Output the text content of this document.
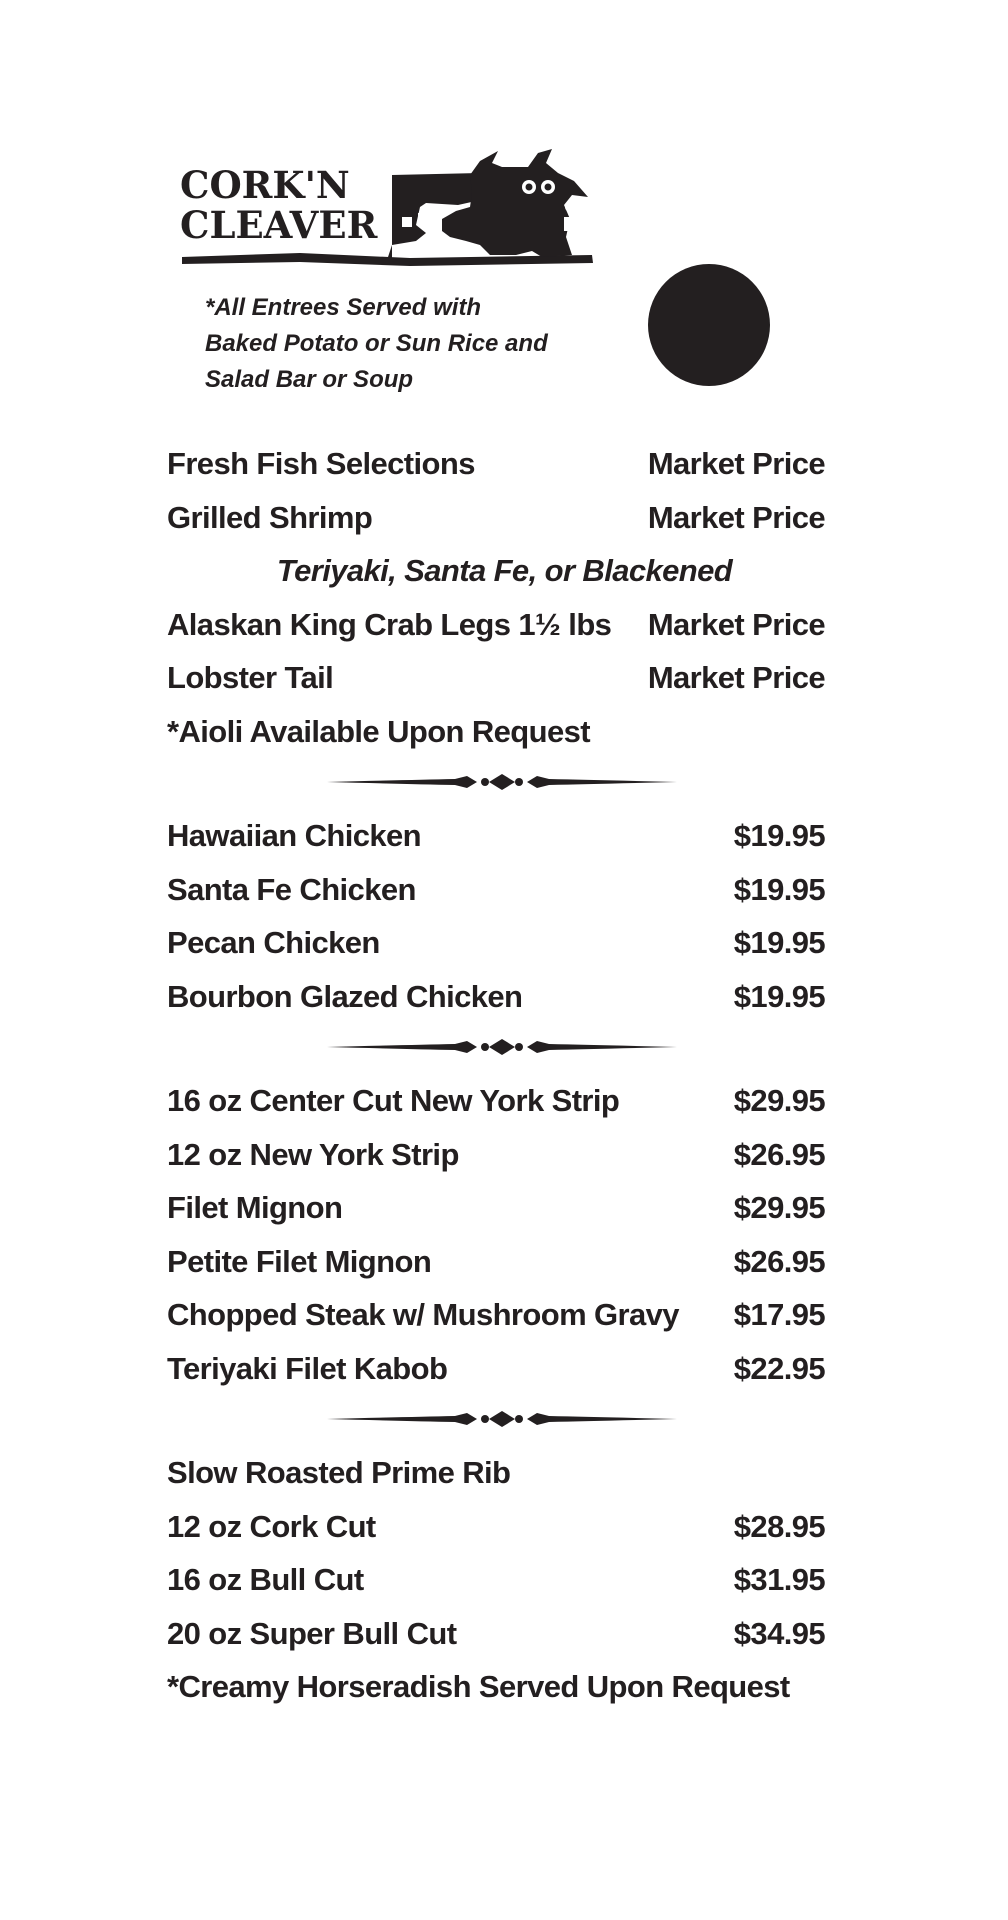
CORK'N
CLEAVER
*All Entrees Served with
Baked Potato or Sun Rice and
Salad Bar or Soup
Fresh Fish Selections	Market Price
Grilled Shrimp	Market Price
Teriyaki, Santa Fe, or Blackened
Alaskan King Crab Legs 1½ lbs Market Price
Lobster Tail	Market Price
*Aioli Available Upon Request
Hawaiian Chicken	$19.95
Santa Fe Chicken	$19.95
Pecan Chicken	$19.95
Bourbon Glazed Chicken	$19.95
16 oz Center Cut New York Strip	$29.95
12 oz New York Strip	$26.95
Filet Mignon	$29.95
Petite Filet Mignon	$26.95
Chopped Steak w/ Mushroom Gravy $17.95
Teriyaki Filet Kabob	$22.95
Slow Roasted Prime Rib
12 oz Cork Cut	$28.95
16 oz Bull Cut	$31.95
20 oz Super Bull Cut	$34.95
*Creamy Horseradish Served Upon Request
